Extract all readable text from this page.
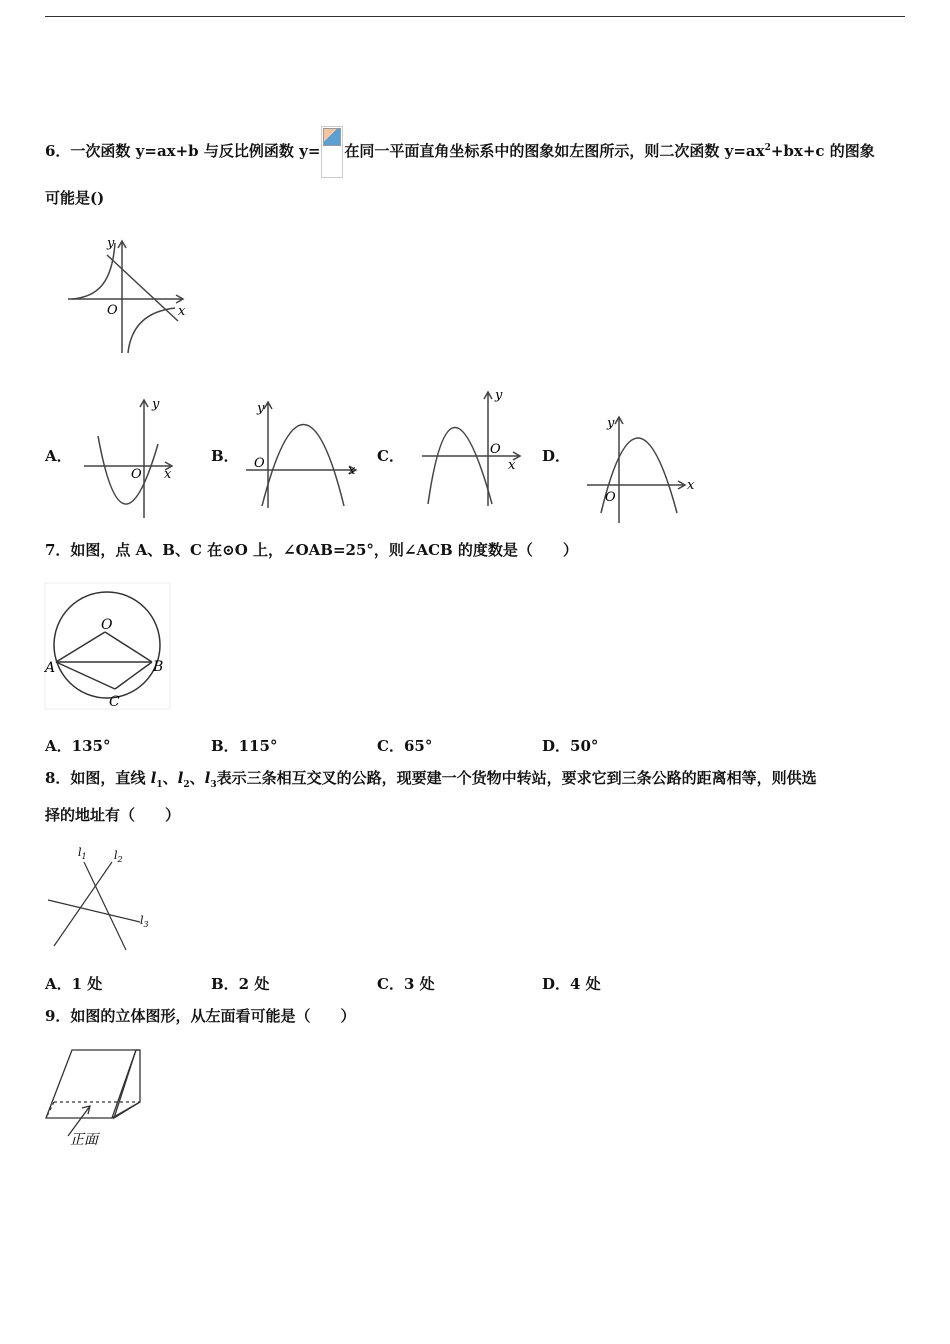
6．一次函数 y=ax+b 与反比例函数 y= 在同一平面直角坐标系中的图象如左图所示，则二次函数 $y=ax^2+bx+c$ 的图象
可能是()
y
x
O
A．
y
x
O
B．
y
x
O	C．
y
x
O	D．
y
x
O
7．如图，点 A、B、C 在⊙O 上，∠OAB=25°，则∠ACB 的度数是（　　）
O
A	B
C
A．135°	B．115°	C．65°	D．50°
8．如图，直线 $l_1$、$l_2$、$l_3$表示三条相互交叉的公路，现要建一个货物中转站，要求它到三条公路的距离相等，则供选
择的地址有（　　）
$l_1$ $l_2$
$l_3$
A．1 处	B．2 处	C．3 处	D．4 处
9．如图的立体图形，从左面看可能是（　　）
正面
